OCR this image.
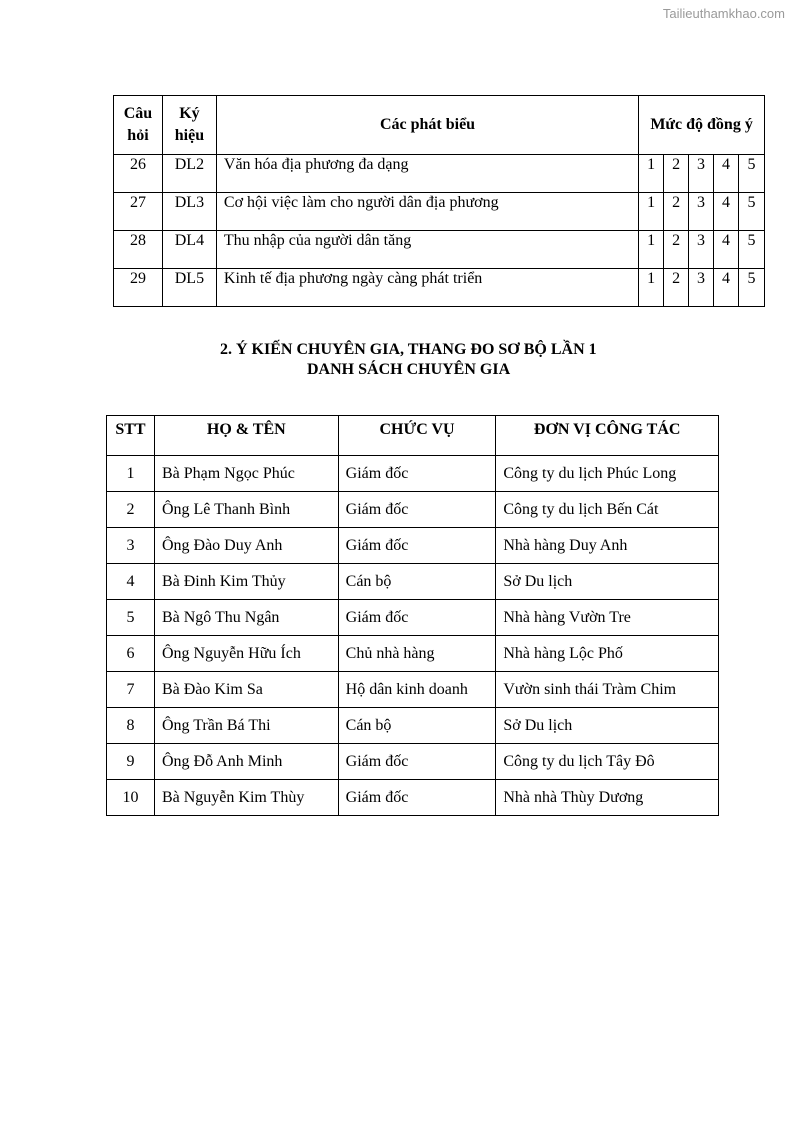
Tailieuthamkhao.com
Câu hỏi	Ký hiệu	Các phát biểu	Mức độ đồng ý				
26	DL2	Văn hóa địa phương đa dạng	1	2	3	4	5
27	DL3	Cơ hội việc làm cho người dân địa phương	1	2	3	4	5
28	DL4	Thu nhập của người dân tăng	1	2	3	4	5
29	DL5	Kinh tế địa phương ngày càng phát triển	1	2	3	4	5
2. Ý KIẾN CHUYÊN GIA, THANG ĐO SƠ BỘ LẦN 1
DANH SÁCH CHUYÊN GIA
STT	HỌ & TÊN	CHỨC VỤ	ĐƠN VỊ CÔNG TÁC
1	Bà Phạm Ngọc Phúc	Giám đốc	Công ty du lịch Phúc Long
2	Ông Lê Thanh Bình	Giám đốc	Công ty du lịch Bến Cát
3	Ông Đào Duy Anh	Giám đốc	Nhà hàng Duy Anh
4	Bà Đinh Kim Thủy	Cán bộ	Sở Du lịch
5	Bà Ngô Thu Ngân	Giám đốc	Nhà hàng Vườn Tre
6	Ông Nguyễn Hữu Ích	Chủ nhà hàng	Nhà hàng Lộc Phố
7	Bà Đào Kim Sa	Hộ dân kinh doanh	Vườn sinh thái Tràm Chim
8	Ông Trần Bá Thi	Cán bộ	Sở Du lịch
9	Ông Đỗ Anh Minh	Giám đốc	Công ty du lịch Tây Đô
10	Bà Nguyễn Kim Thùy	Giám đốc	Nhà nhà Thùy Dương
